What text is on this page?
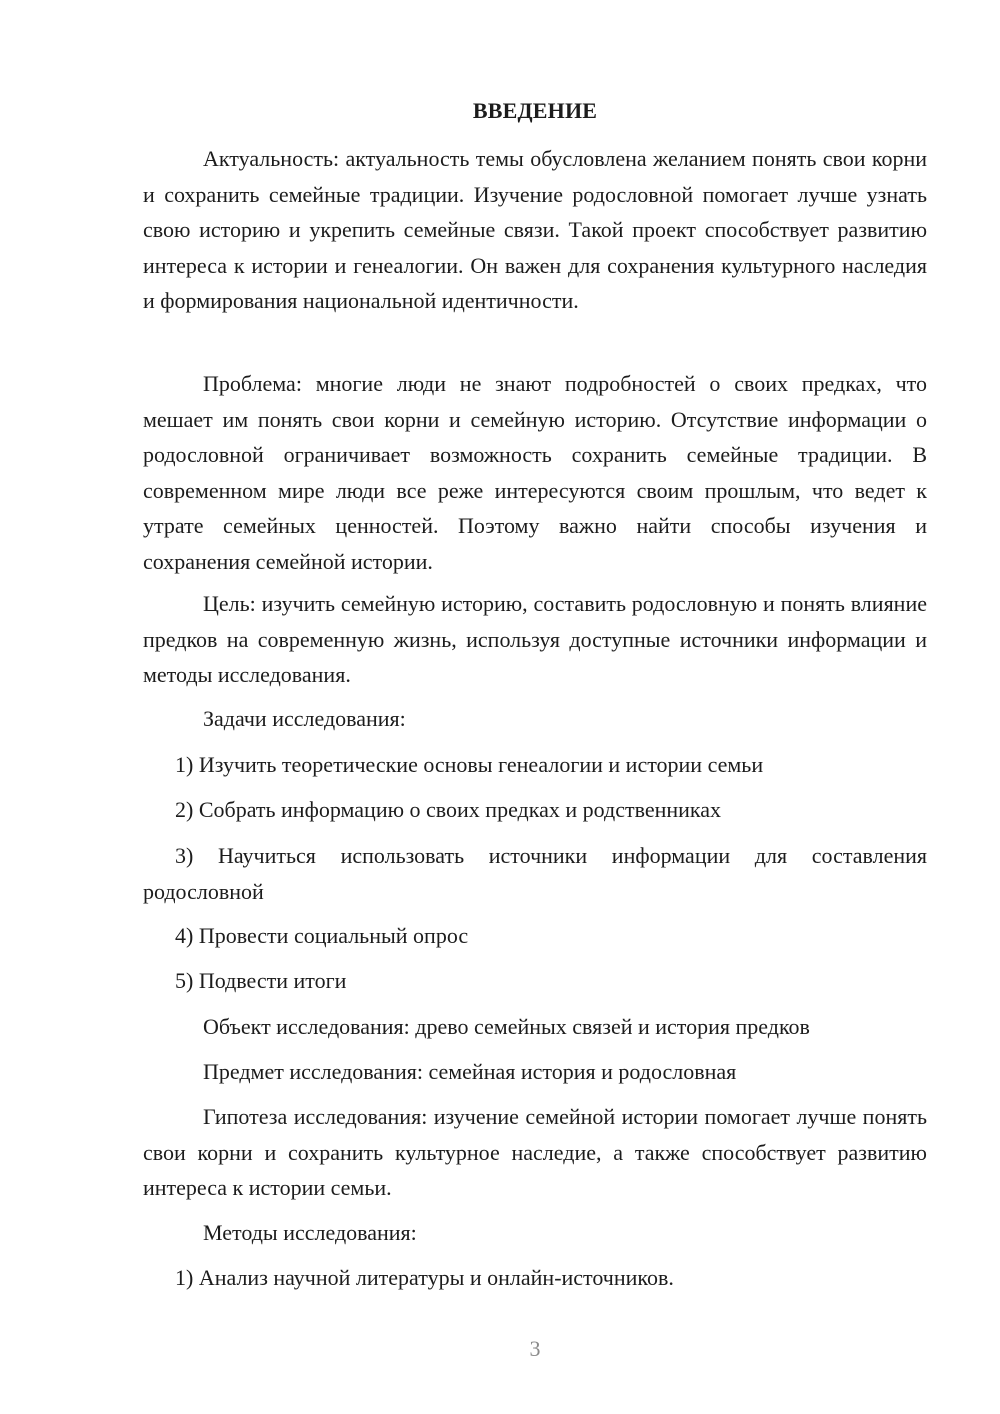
ВВЕДЕНИЕ

Актуальность: актуальность темы обусловлена желанием понять свои корни и сохранить семейные традиции. Изучение родословной помогает лучше узнать свою историю и укрепить семейные связи. Такой проект способствует развитию интереса к истории и генеалогии. Он важен для сохранения культурного наследия и формирования национальной идентичности.

Проблема: многие люди не знают подробностей о своих предках, что мешает им понять свои корни и семейную историю. Отсутствие информации о родословной ограничивает возможность сохранить семейные традиции. В современном мире люди все реже интересуются своим прошлым, что ведет к утрате семейных ценностей. Поэтому важно найти способы изучения и сохранения семейной истории.

Цель: изучить семейную историю, составить родословную и понять влияние предков на современную жизнь, используя доступные источники информации и методы исследования.

Задачи исследования:

1) Изучить теоретические основы генеалогии и истории семьи

2) Собрать информацию о своих предках и родственниках

3) Научиться использовать источники информации для составления родословной

4) Провести социальный опрос

5) Подвести итоги

Объект исследования: древо семейных связей и история предков

Предмет исследования: семейная история и родословная

Гипотеза исследования: изучение семейной истории помогает лучше понять свои корни и сохранить культурное наследие, а также способствует развитию интереса к истории семьи.

Методы исследования:

1) Анализ научной литературы и онлайн-источников.

3
